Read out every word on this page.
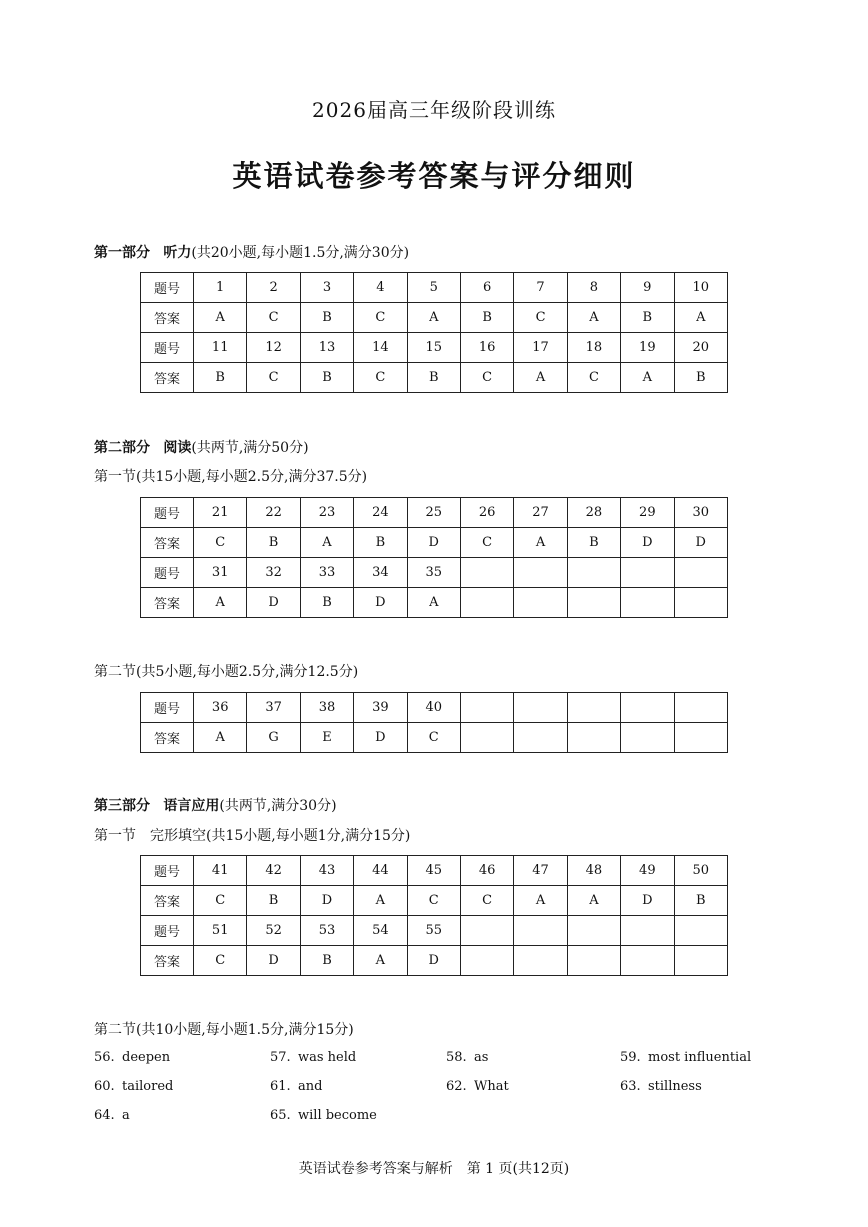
2026届高三年级阶段训练
英语试卷参考答案与评分细则
第一部分 听力(共20小题,每小题1.5分,满分30分)
题号	1	2	3	4	5	6	7	8	9	10
答案	A	C	B	C	A	B	C	A	B	A
题号	11	12	13	14	15	16	17	18	19	20
答案	B	C	B	C	B	C	A	C	A	B
第二部分 阅读(共两节,满分50分)
第一节(共15小题,每小题2.5分,满分37.5分)
题号	21	22	23	24	25	26	27	28	29	30
答案	C	B	A	B	D	C	A	B	D	D
题号	31	32	33	34	35					
答案	A	D	B	D	A					
第二节(共5小题,每小题2.5分,满分12.5分)
题号	36	37	38	39	40					
答案	A	G	E	D	C					
第三部分 语言应用(共两节,满分30分)
第一节　完形填空(共15小题,每小题1分,满分15分)
题号	41	42	43	44	45	46	47	48	49	50
答案	C	B	D	A	C	C	A	A	D	B
题号	51	52	53	54	55					
答案	C	D	B	A	D					
第二节(共10小题,每小题1.5分,满分15分)
56. deepen	57. was held	58. as	59. most influential
60. tailored	61. and	62. What	63. stillness
64. a	65. will become
英语试卷参考答案与解析　第 1 页(共12页)
